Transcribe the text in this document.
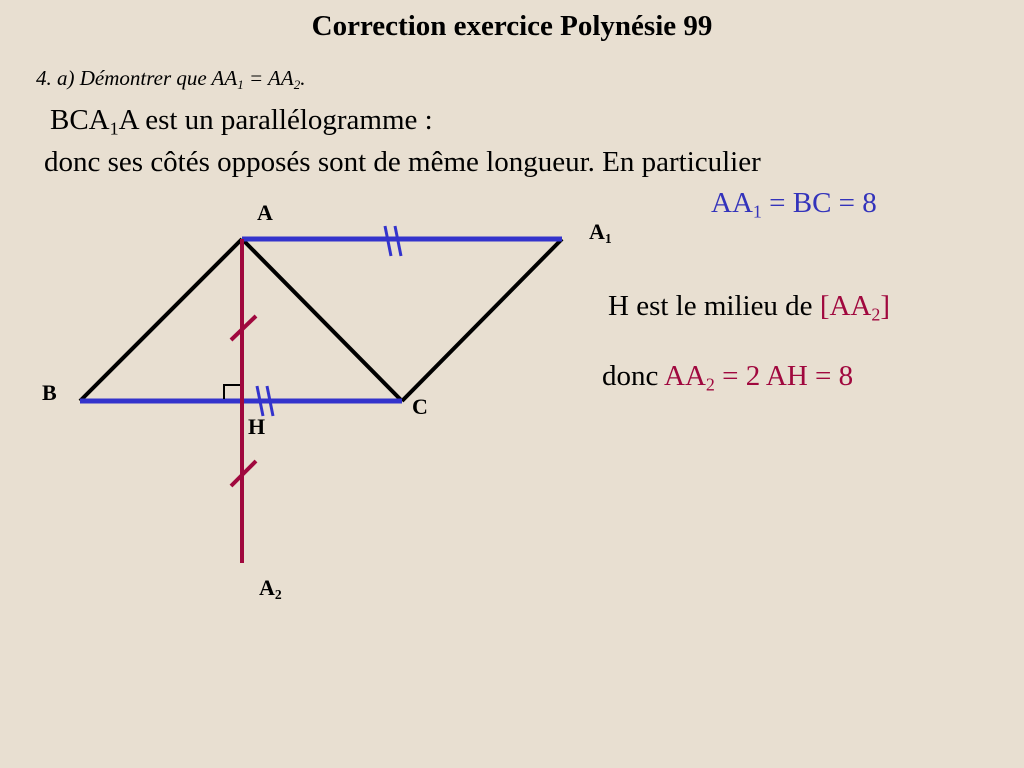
Correction exercice Polynésie 99
4. a) Démontrer que $AA_1 = AA_2$.
$BCA_1A$ est un parallélogramme :
donc ses côtés opposés sont de même longueur. En particulier
$AA_1$ = BC = 8
H est le milieu de $[AA_2]$
donc $AA_2 = 2$ AH = 8
A
$A_1$
B
C
H
$A_2$
